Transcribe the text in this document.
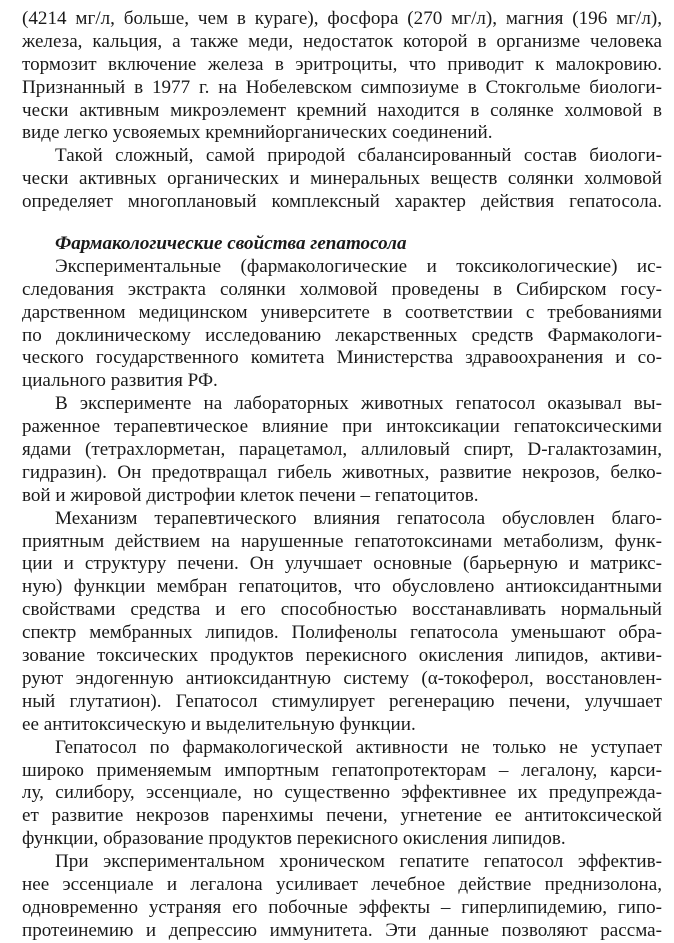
(4214 мг/л, больше, чем в кураге), фосфора (270 мг/л), магния (196 мг/л),
железа, кальция, а также меди, недостаток которой в организме человека
тормозит включение железа в эритроциты, что приводит к малокровию.
Признанный в 1977 г. на Нобелевском симпозиуме в Стокгольме биологи-
чески активным микроэлемент кремний находится в солянке холмовой в
виде легко усвояемых кремнийорганических соединений.
Такой сложный, самой природой сбалансированный состав биологи-
чески активных органических и минеральных веществ солянки холмовой
определяет многоплановый комплексный характер действия гепатосола.
Фармакологические свойства гепатосола
Экспериментальные (фармакологические и токсикологические) ис-
следования экстракта солянки холмовой проведены в Сибирском госу-
дарственном медицинском университете в соответствии с требованиями
по доклиническому исследованию лекарственных средств Фармакологи-
ческого государственного комитета Министерства здравоохранения и со-
циального развития РФ.
В эксперименте на лабораторных животных гепатосол оказывал вы-
раженное терапевтическое влияние при интоксикации гепатоксическими
ядами (тетрахлорметан, парацетамол, аллиловый спирт, D-галактозамин,
гидразин). Он предотвращал гибель животных, развитие некрозов, белко-
вой и жировой дистрофии клеток печени – гепатоцитов.
Механизм терапевтического влияния гепатосола обусловлен благо-
приятным действием на нарушенные гепатотоксинами метаболизм, функ-
ции и структуру печени. Он улучшает основные (барьерную и матрикс-
ную) функции мембран гепатоцитов, что обусловлено антиоксидантными
свойствами средства и его способностью восстанавливать нормальный
спектр мембранных липидов. Полифенолы гепатосола уменьшают обра-
зование токсических продуктов перекисного окисления липидов, активи-
руют эндогенную антиоксидантную систему (α-токоферол, восстановлен-
ный глутатион). Гепатосол стимулирует регенерацию печени, улучшает
ее антитоксическую и выделительную функции.
Гепатосол по фармакологической активности не только не уступает
широко применяемым импортным гепатопротекторам – легалону, карси-
лу, силибору, эссенциале, но существенно эффективнее их предупрежда-
ет развитие некрозов паренхимы печени, угнетение ее антитоксической
функции, образование продуктов перекисного окисления липидов.
При экспериментальном хроническом гепатите гепатосол эффектив-
нее эссенциале и легалона усиливает лечебное действие преднизолона,
одновременно устраняя его побочные эффекты – гиперлипидемию, гипо-
протеинемию и депрессию иммунитета. Эти данные позволяют рассма-
